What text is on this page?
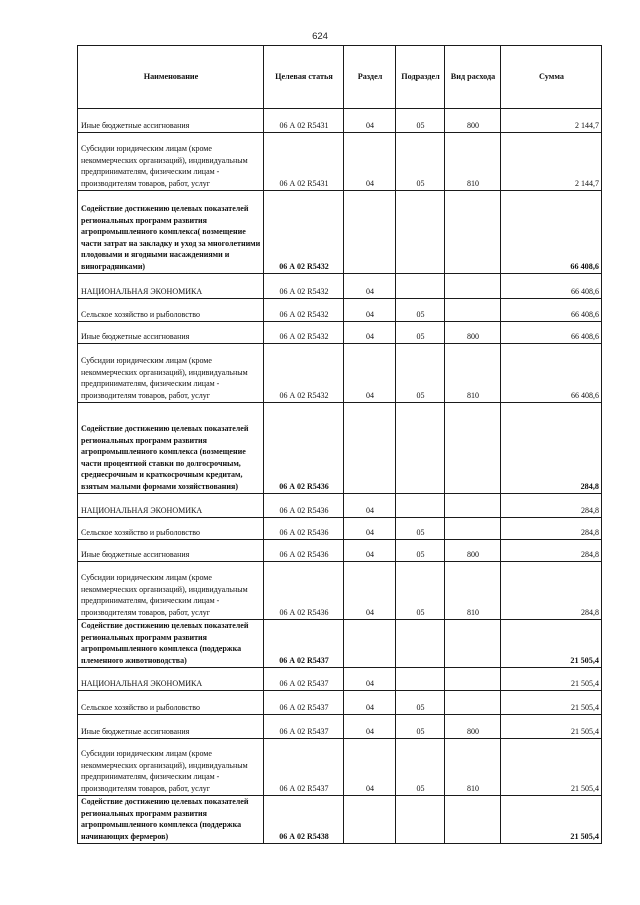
624
Наименование	Целевая статья	Раздел	Подраздел	Вид расхода	Сумма
Иные бюджетные ассигнования	06 А 02 R5431	04	05	800	2 144,7
Субсидии юридическим лицам (кроме некоммерческих организаций), индивидуальным предпринимателям, физическим лицам - производителям товаров, работ, услуг	06 А 02 R5431	04	05	810	2 144,7
Содействие достижению целевых показателей региональных программ развития агропромышленного комплекса( возмещение части затрат на закладку и уход за многолетними плодовыми и ягодными насаждениями и виноградниками)	06 А 02 R5432				66 408,6
НАЦИОНАЛЬНАЯ ЭКОНОМИКА	06 А 02 R5432	04			66 408,6
Сельское хозяйство и рыболовство	06 А 02 R5432	04	05		66 408,6
Иные бюджетные ассигнования	06 А 02 R5432	04	05	800	66 408,6
Субсидии юридическим лицам (кроме некоммерческих организаций), индивидуальным предпринимателям, физическим лицам - производителям товаров, работ, услуг	06 А 02 R5432	04	05	810	66 408,6
Содействие достижению целевых показателей региональных программ развития агропромышленного комплекса (возмещение части процентной ставки по долгосрочным, среднесрочным и краткосрочным кредитам, взятым малыми формами хозяйствования)	06 А 02 R5436				284,8
НАЦИОНАЛЬНАЯ ЭКОНОМИКА	06 А 02 R5436	04			284,8
Сельское хозяйство и рыболовство	06 А 02 R5436	04	05		284,8
Иные бюджетные ассигнования	06 А 02 R5436	04	05	800	284,8
Субсидии юридическим лицам (кроме некоммерческих организаций), индивидуальным предпринимателям, физическим лицам - производителям товаров, работ, услуг	06 А 02 R5436	04	05	810	284,8
Содействие достижению целевых показателей региональных программ развития агропромышленного комплекса (поддержка племенного животноводства)	06 А 02 R5437				21 505,4
НАЦИОНАЛЬНАЯ ЭКОНОМИКА	06 А 02 R5437	04			21 505,4
Сельское хозяйство и рыболовство	06 А 02 R5437	04	05		21 505,4
Иные бюджетные ассигнования	06 А 02 R5437	04	05	800	21 505,4
Субсидии юридическим лицам (кроме некоммерческих организаций), индивидуальным предпринимателям, физическим лицам - производителям товаров, работ, услуг	06 А 02 R5437	04	05	810	21 505,4
Содействие достижению целевых показателей региональных программ развития агропромышленного комплекса (поддержка начинающих фермеров)	06 А 02 R5438				21 505,4
